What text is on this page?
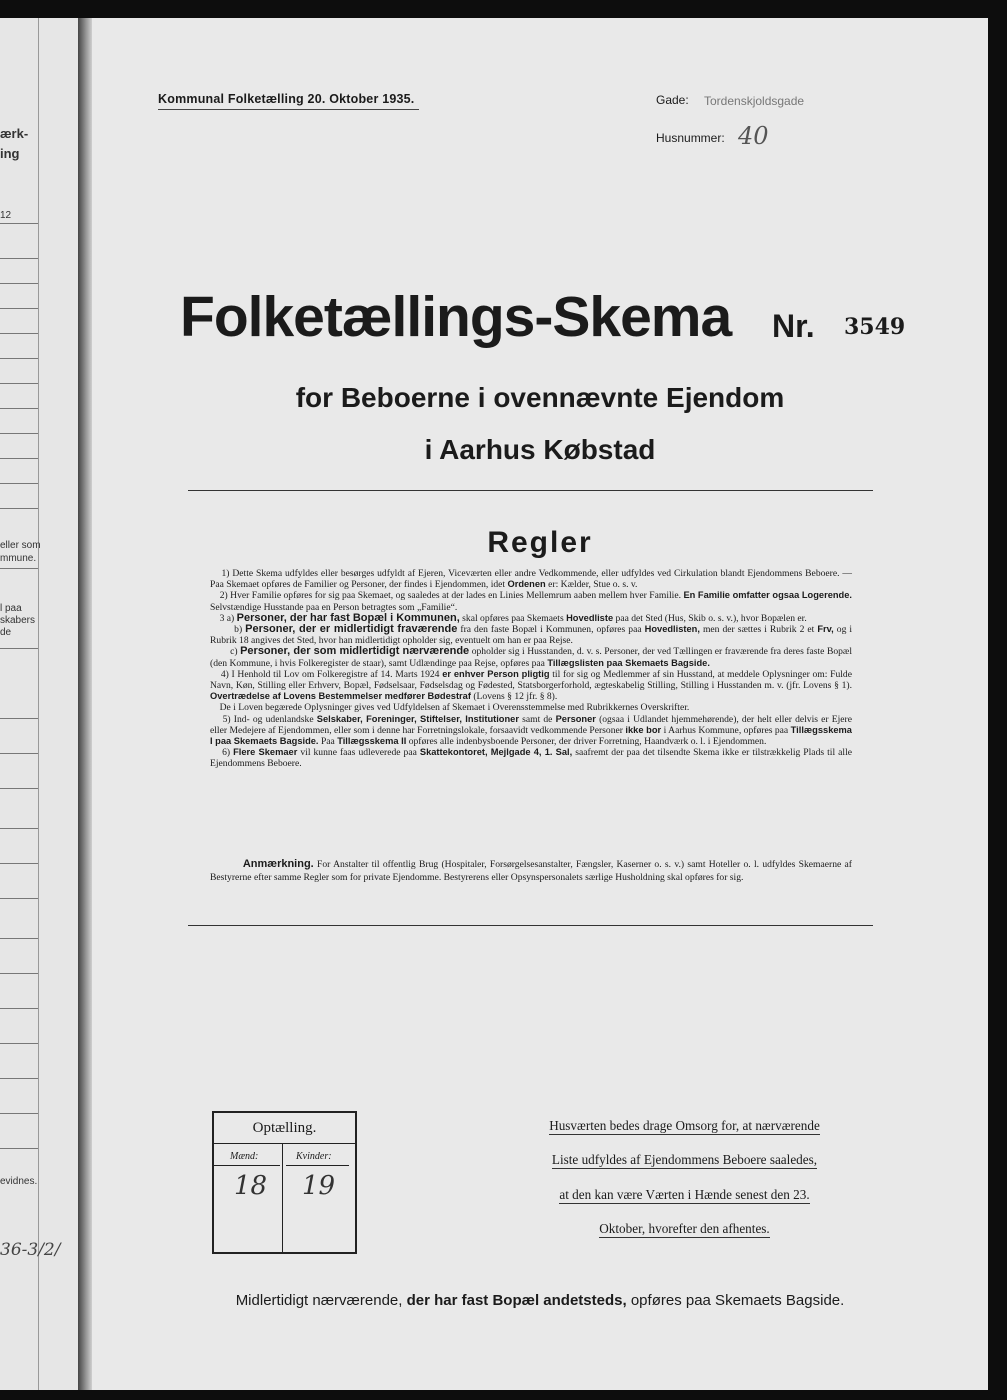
ærk-
ing
12
eller som
mmune.
l paa
skabers
de
evidnes.
36-3/2/
Kommunal Folketælling 20. Oktober 1935.	Gade: Tordenskjoldsgade
Husnummer: 40
Folketællings-Skema Nr. 3549
for Beboerne i ovennævnte Ejendom
i Aarhus Købstad
Regler

1) Dette Skema udfyldes eller besørges udfyldt af Ejeren, Viceværten eller andre Vedkommende, eller udfyldes ved Cirkulation blandt Ejendommens Beboere. — Paa Skemaet opføres de Familier og Personer, der findes i Ejendommen, idet Ordenen er: Kælder, Stue o. s. v.

2) Hver Familie opføres for sig paa Skemaet, og saaledes at der lades en Linies Mellemrum aaben mellem hver Familie. En Familie omfatter ogsaa Logerende. Selvstændige Husstande paa en Person betragtes som „Familie“.

3 a) Personer, der har fast Bopæl i Kommunen, skal opføres paa Skemaets Hovedliste paa det Sted (Hus, Skib o. s. v.), hvor Bopælen er.

b) Personer, der er midlertidigt fraværende fra den faste Bopæl i Kommunen, opføres paa Hovedlisten, men der sættes i Rubrik 2 et Frv, og i Rubrik 18 angives det Sted, hvor han midlertidigt opholder sig, eventuelt om han er paa Rejse.

c) Personer, der som midlertidigt nærværende opholder sig i Husstanden, d. v. s. Personer, der ved Tællingen er fraværende fra deres faste Bopæl (den Kommune, i hvis Folkeregister de staar), samt Udlændinge paa Rejse, opføres paa Tillægslisten paa Skemaets Bagside.

4) I Henhold til Lov om Folkeregistre af 14. Marts 1924 er enhver Person pligtig til for sig og Medlemmer af sin Husstand, at meddele Oplysninger om: Fulde Navn, Køn, Stilling eller Erhverv, Bopæl, Fødselsaar, Fødselsdag og Fødested, Statsborgerforhold, ægteskabelig Stilling, Stilling i Husstanden m. v. (jfr. Lovens § 1). Overtrædelse af Lovens Bestemmelser medfører Bødestraf (Lovens § 12 jfr. § 8).

De i Loven begærede Oplysninger gives ved Udfyldelsen af Skemaet i Overensstemmelse med Rubrikkernes Overskrifter.

5) Ind- og udenlandske Selskaber, Foreninger, Stiftelser, Institutioner samt de Personer (ogsaa i Udlandet hjemmehørende), der helt eller delvis er Ejere eller Medejere af Ejendommen, eller som i denne har Forretningslokale, forsaavidt vedkommende Personer ikke bor i Aarhus Kommune, opføres paa Tillægsskema I paa Skemaets Bagside. Paa Tillægsskema II opføres alle indenbysboende Personer, der driver Forretning, Haandværk o. l. i Ejendommen.

6) Flere Skemaer vil kunne faas udleverede paa Skattekontoret, Mejlgade 4, 1. Sal, saafremt der paa det tilsendte Skema ikke er tilstrækkelig Plads til alle Ejendommens Beboere.

Anmærkning. For Anstalter til offentlig Brug (Hospitaler, Forsørgelsesanstalter, Fængsler, Kaserner o. s. v.) samt Hoteller o. l. udfyldes Skemaerne af Bestyrerne efter samme Regler som for private Ejendomme. Bestyrerens eller Opsynspersonalets særlige Husholdning skal opføres for sig.
Optælling.
Mænd:	Kvinder:
18 19
Husværten bedes drage Omsorg for, at nærværende
Liste udfyldes af Ejendommens Beboere saaledes,
at den kan være Værten i Hænde senest den 23.
Oktober, hvorefter den afhentes.
Midlertidigt nærværende, der har fast Bopæl andetsteds, opføres paa Skemaets Bagside.
